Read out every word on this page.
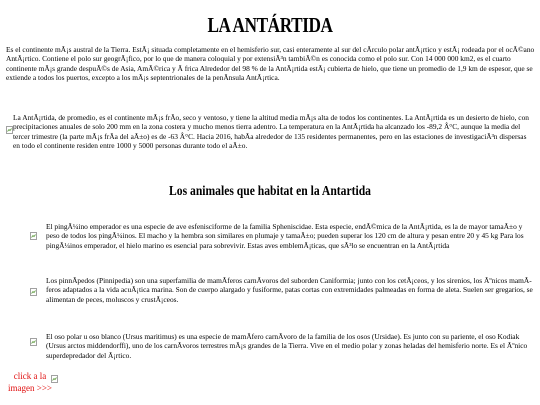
LA ANTÁRTIDA

Es el continente mÃ¡s austral de la Tierra. EstÃ¡ situada completamente en el hemisferio sur, casi enteramente al sur del cÃrculo polar antÃ¡rtico y estÃ¡ rodeada por el ocÃ©ano AntÃ¡rtico. Contiene el polo sur geogrÃ¡fico, por lo que de manera coloquial y por extensiÃ³n tambiÃ©n es conocida como el polo sur. Con 14 000 000 km2, es el cuarto continente mÃ¡s grande despuÃ©s de Asia, AmÃ©rica y Ã frica Alrededor del 98 % de la AntÃ¡rtida estÃ¡ cubierta de hielo, que tiene un promedio de 1,9 km de espesor, que se extiende a todos los puertos, excepto a los mÃ¡s septentrionales de la penÃnsula AntÃ¡rtica.

La AntÃ¡rtida, de promedio, es el continente mÃ¡s frÃo, seco y ventoso, y tiene la altitud media mÃ¡s alta de todos los continentes. La AntÃ¡rtida es un desierto de hielo, con precipitaciones anuales de solo 200 mm en la zona costera y mucho menos tierra adentro. La temperatura en la AntÃ¡rtida ha alcanzado los -89,2 Â°C, aunque la media del tercer trimestre (la parte mÃ¡s frÃa del aÃ±o) es de -63 Â°C. Hacia 2016, habÃa alrededor de 135 residentes permanentes, pero en las estaciones de investigaciÃ³n dispersas en todo el continente residen entre 1000 y 5000 personas durante todo el aÃ±o.

Los animales que habitat en la Antartida

El pingÃ¼ino emperador es una especie de ave esfenisciforme de la familia Spheniscidae. Esta especie, endÃ©mica de la AntÃ¡rtida, es la de mayor tamaÃ±o y peso de todos los pingÃ¼inos. El macho y la hembra son similares en plumaje y tamaÃ±o; pueden superar los 120 cm de altura y pesan entre 20 y 45 kg Para los pingÃ¼inos emperador, el hielo marino es esencial para sobrevivir. Estas aves emblemÃ¡ticas, que sÃ³lo se encuentran en la AntÃ¡rtida

Los pinnÃpedos (Pinnipedia) son una superfamilia de mamÃferos carnÃvoros del suborden Caniformia; junto con los cetÃ¡ceos, y los sirenios, los Ãºnicos mamÃferos adaptados a la vida acuÃ¡tica marina. Son de cuerpo alargado y fusiforme, patas cortas con extremidades palmeadas en forma de aleta. Suelen ser gregarios, se alimentan de peces, moluscos y crustÃ¡ceos.

El oso polar u oso blanco (Ursus maritimus) es una especie de mamÃfero carnÃvoro de la familia de los osos (Ursidae). Es junto con su pariente, el oso Kodiak (Ursus arctos middendorffi), uno de los carnÃvoros terrestres mÃ¡s grandes de la Tierra. Vive en el medio polar y zonas heladas del hemisferio norte. Es el Ãºnico superdepredador del Ã¡rtico.

click a la imagen >>>
